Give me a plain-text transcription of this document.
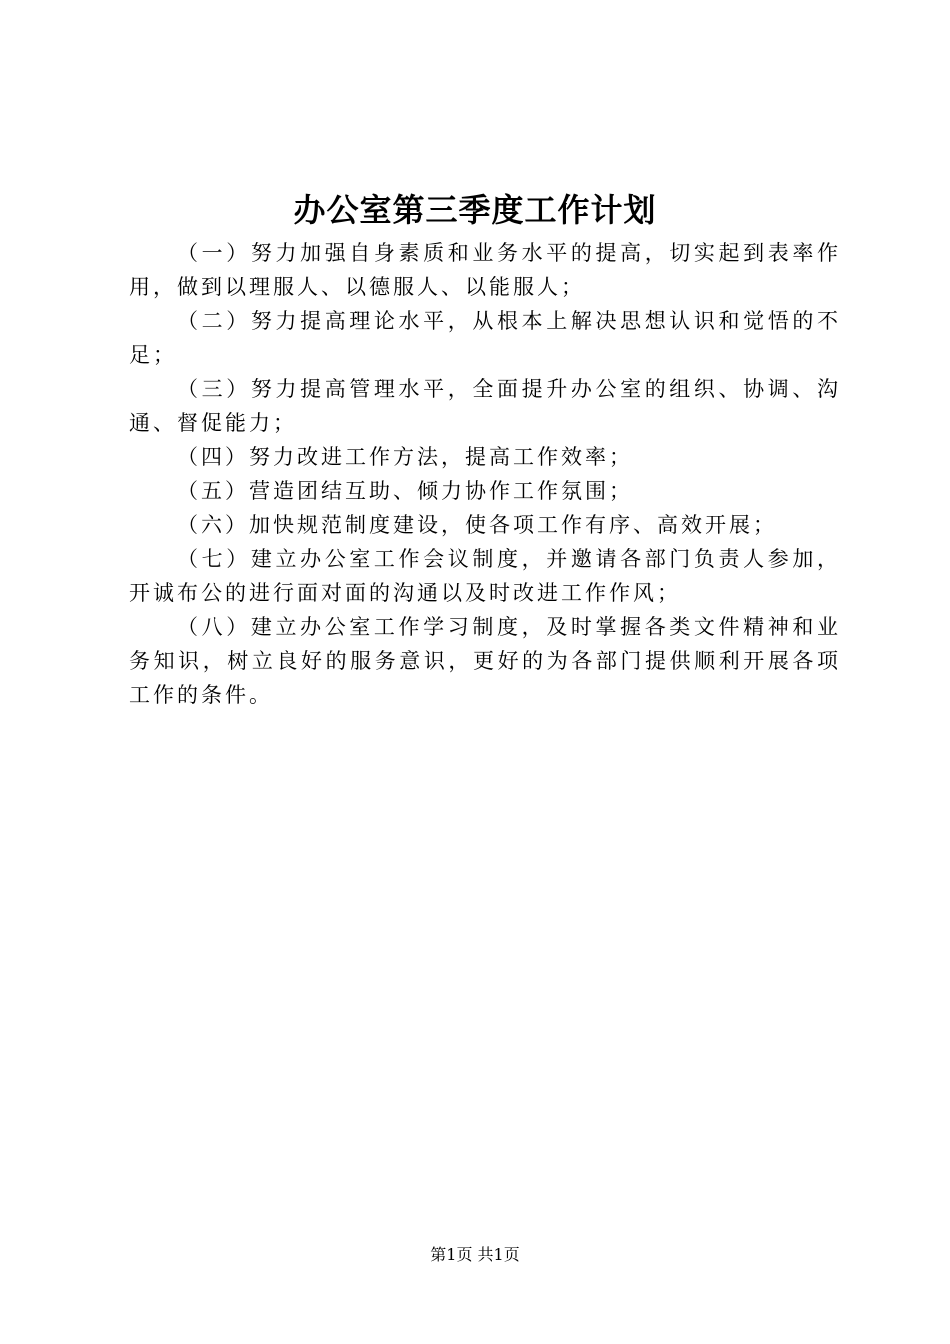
办公室第三季度工作计划

（一）努力加强自身素质和业务水平的提高，切实起到表率作用，做到以理服人、以德服人、以能服人；

（二）努力提高理论水平，从根本上解决思想认识和觉悟的不足；

（三）努力提高管理水平，全面提升办公室的组织、协调、沟通、督促能力；

（四）努力改进工作方法，提高工作效率；

（五）营造团结互助、倾力协作工作氛围；

（六）加快规范制度建设，使各项工作有序、高效开展；

（七）建立办公室工作会议制度，并邀请各部门负责人参加，开诚布公的进行面对面的沟通以及时改进工作作风；

（八）建立办公室工作学习制度，及时掌握各类文件精神和业务知识，树立良好的服务意识，更好的为各部门提供顺利开展各项工作的条件。

第1页 共1页
